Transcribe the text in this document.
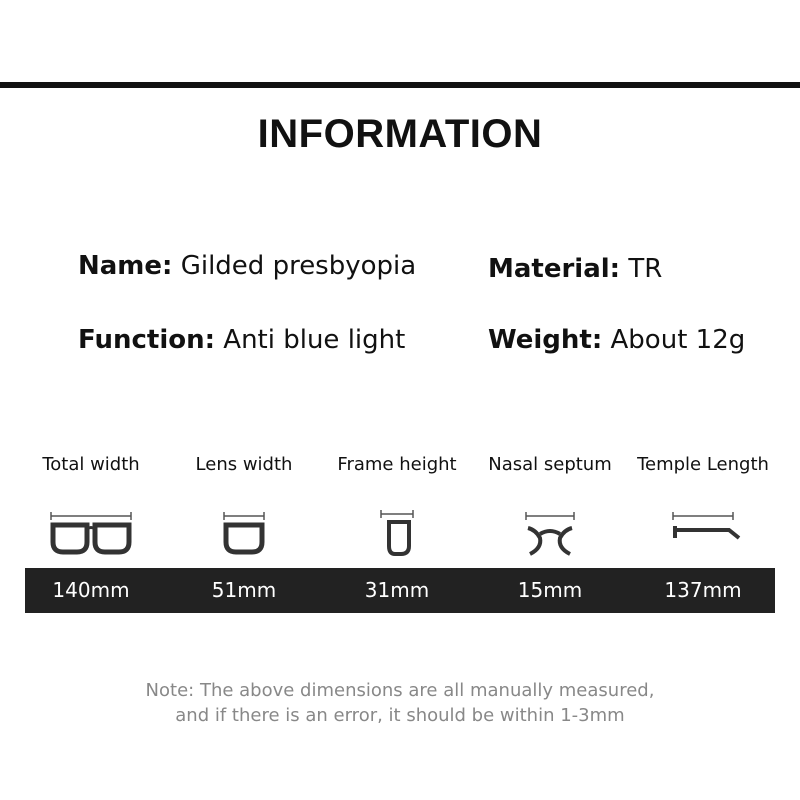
INFORMATION
Name: Gilded presbyopia	Material: TR
Function: Anti blue light	Weight: About 12g
Total width	Lens width	Frame height	Nasal septum	Temple Length
140mm	51mm	31mm	15mm	137mm
Note: The above dimensions are all manually measured,
and if there is an error, it should be within 1-3mm
